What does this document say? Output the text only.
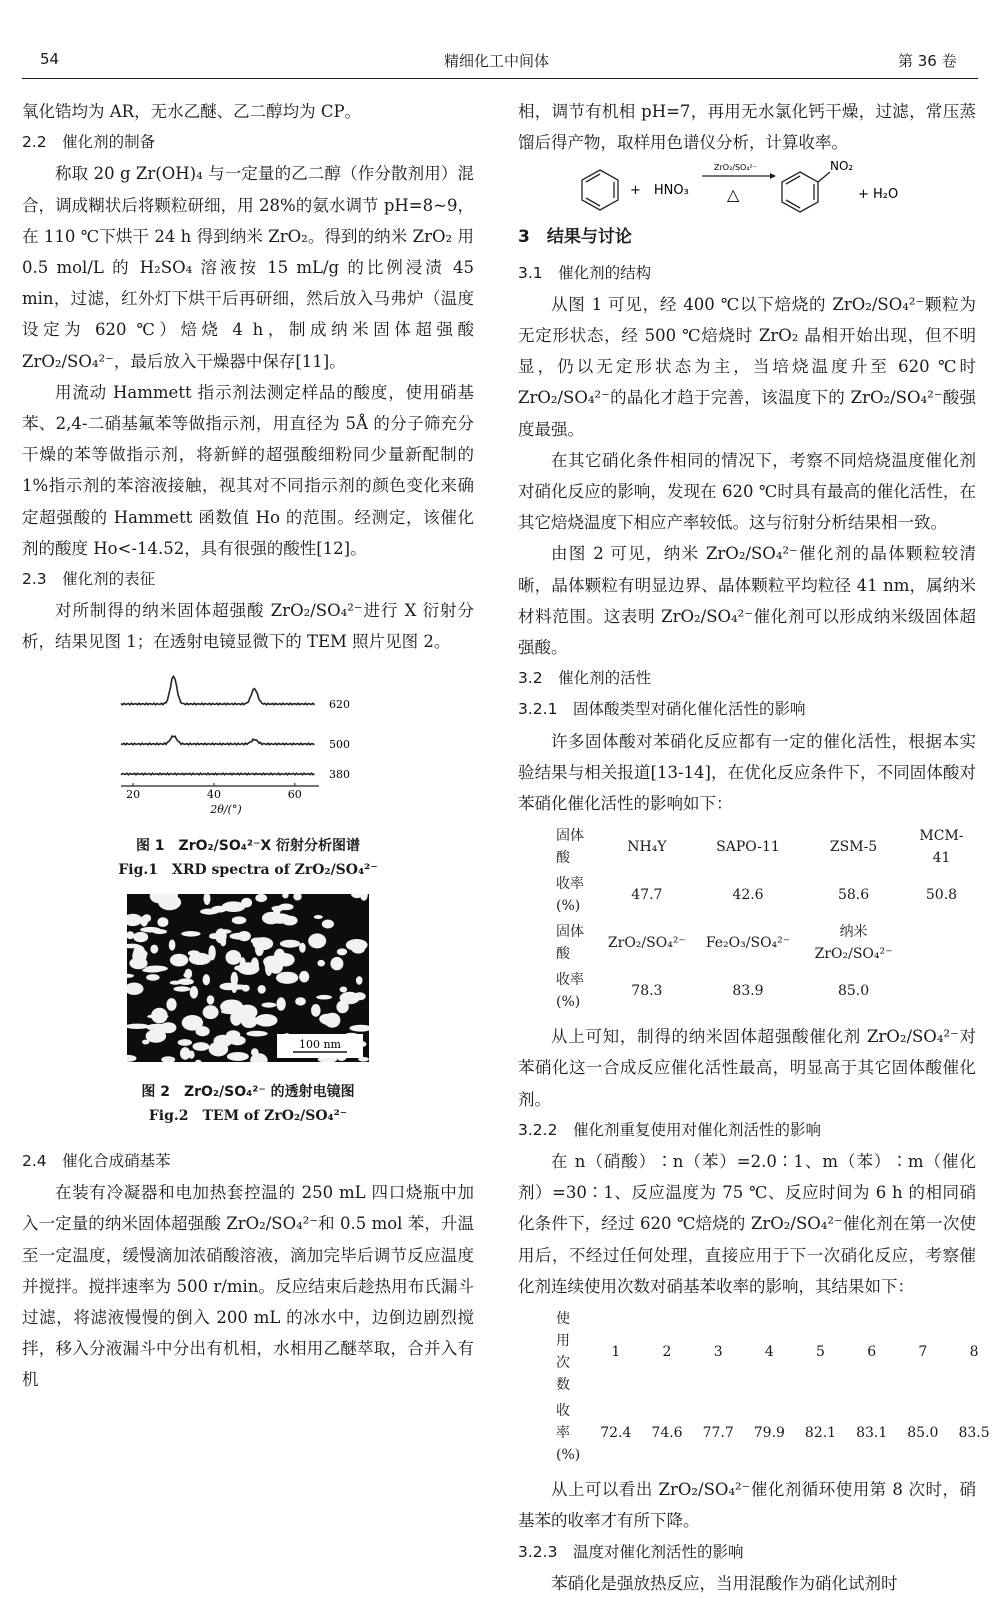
54	精细化工中间体	第 36 卷

氧化锆均为 AR，无水乙醚、乙二醇均为 CP。

2.2　催化剂的制备

称取 20 g Zr(OH)₄ 与一定量的乙二醇（作分散剂用）混合，调成糊状后将颗粒研细，用 28%的氨水调节 pH=8~9，在 110 ℃下烘干 24 h 得到纳米 ZrO₂。得到的纳米 ZrO₂ 用 0.5 mol/L 的 H₂SO₄ 溶液按 15 mL/g 的比例浸渍 45 min，过滤，红外灯下烘干后再研细，然后放入马弗炉（温度设定为 620 ℃）焙烧 4 h，制成纳米固体超强酸 ZrO₂/SO₄²⁻，最后放入干燥器中保存[11]。

用流动 Hammett 指示剂法测定样品的酸度，使用硝基苯、2,4-二硝基氟苯等做指示剂，用直径为 5Å 的分子筛充分干燥的苯等做指示剂，将新鲜的超强酸细粉同少量新配制的 1%指示剂的苯溶液接触，视其对不同指示剂的颜色变化来确定超强酸的 Hammett 函数值 Ho 的范围。经测定，该催化剂的酸度 Ho<-14.52，具有很强的酸性[12]。

2.3　催化剂的表征

对所制得的纳米固体超强酸 ZrO₂/SO₄²⁻进行 X 衍射分析，结果见图 1；在透射电镜显微下的 TEM 照片见图 2。

620
500
380
20	40	60
2θ/(°)
图 1　ZrO₂/SO₄²⁻X 衍射分析图谱
Fig.1　XRD spectra of ZrO₂/SO₄²⁻
100 nm
图 2　ZrO₂/SO₄²⁻ 的透射电镜图
Fig.2　TEM of ZrO₂/SO₄²⁻
2.4　催化合成硝基苯

在装有冷凝器和电加热套控温的 250 mL 四口烧瓶中加入一定量的纳米固体超强酸 ZrO₂/SO₄²⁻和 0.5 mol 苯，升温至一定温度，缓慢滴加浓硝酸溶液，滴加完毕后调节反应温度并搅拌。搅拌速率为 500 r/min。反应结束后趁热用布氏漏斗过滤，将滤液慢慢的倒入 200 mL 的冰水中，边倒边剧烈搅拌，移入分液漏斗中分出有机相，水相用乙醚萃取，合并入有机

相，调节有机相 pH=7，再用无水氯化钙干燥，过滤，常压蒸馏后得产物，取样用色谱仪分析，计算收率。

+　HNO₃
ZrO₂/SO₄²⁻
△
NO₂
+ H₂O
3　结果与讨论
3.1　催化剂的结构

从图 1 可见，经 400 ℃以下焙烧的 ZrO₂/SO₄²⁻颗粒为无定形状态，经 500 ℃焙烧时 ZrO₂ 晶相开始出现，但不明显，仍以无定形状态为主，当培烧温度升至 620 ℃时 ZrO₂/SO₄²⁻的晶化才趋于完善，该温度下的 ZrO₂/SO₄²⁻酸强度最强。

在其它硝化条件相同的情况下，考察不同焙烧温度催化剂对硝化反应的影响，发现在 620 ℃时具有最高的催化活性，在其它焙烧温度下相应产率较低。这与衍射分析结果相一致。

由图 2 可见，纳米 ZrO₂/SO₄²⁻催化剂的晶体颗粒较清晰，晶体颗粒有明显边界、晶体颗粒平均粒径 41 nm，属纳米材料范围。这表明 ZrO₂/SO₄²⁻催化剂可以形成纳米级固体超强酸。

3.2　催化剂的活性
3.2.1　固体酸类型对硝化催化活性的影响

许多固体酸对苯硝化反应都有一定的催化活性，根据本实验结果与相关报道[13-14]，在优化反应条件下，不同固体酸对苯硝化催化活性的影响如下：

固体酸	NH₄Y	SAPO-11	ZSM-5	MCM-41
收率(%)	47.7	42.6	58.6	50.8
固体酸	ZrO₂/SO₄²⁻	Fe₂O₃/SO₄²⁻	纳米 ZrO₂/SO₄²⁻	
收率(%)	78.3	83.9	85.0	

从上可知，制得的纳米固体超强酸催化剂 ZrO₂/SO₄²⁻对苯硝化这一合成反应催化活性最高，明显高于其它固体酸催化剂。

3.2.2　催化剂重复使用对催化剂活性的影响

在 n（硝酸）∶n（苯）=2.0∶1、m（苯）∶m（催化剂）=30∶1、反应温度为 75 ℃、反应时间为 6 h 的相同硝化条件下，经过 620 ℃焙烧的 ZrO₂/SO₄²⁻催化剂在第一次使用后，不经过任何处理，直接应用于下一次硝化反应，考察催化剂连续使用次数对硝基苯收率的影响，其结果如下：

使用次数	1	2	3	4	5	6	7	8
收率(%)	72.4	74.6	77.7	79.9	82.1	83.1	85.0	83.5

从上可以看出 ZrO₂/SO₄²⁻催化剂循环使用第 8 次时，硝基苯的收率才有所下降。

3.2.3　温度对催化剂活性的影响

苯硝化是强放热反应，当用混酸作为硝化试剂时
